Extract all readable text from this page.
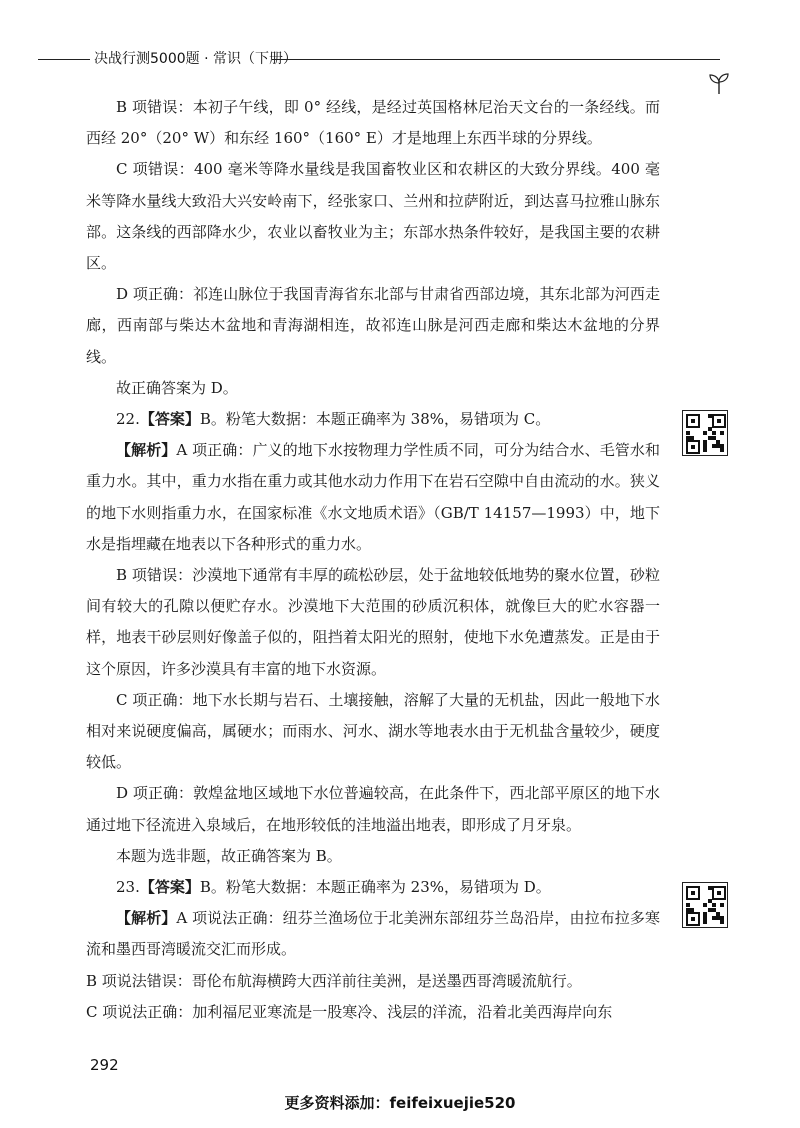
决战行测5000题 · 常识（下册）

B 项错误：本初子午线，即 0° 经线，是经过英国格林尼治天文台的一条经线。而西经 20°（20° W）和东经 160°（160° E）才是地理上东西半球的分界线。

C 项错误：400 毫米等降水量线是我国畜牧业区和农耕区的大致分界线。400 毫米等降水量线大致沿大兴安岭南下，经张家口、兰州和拉萨附近，到达喜马拉雅山脉东部。这条线的西部降水少，农业以畜牧业为主；东部水热条件较好，是我国主要的农耕区。

D 项正确：祁连山脉位于我国青海省东北部与甘肃省西部边境，其东北部为河西走廊，西南部与柴达木盆地和青海湖相连，故祁连山脉是河西走廊和柴达木盆地的分界线。

故正确答案为 D。

22.【答案】B。粉笔大数据：本题正确率为 38%，易错项为 C。

【解析】A 项正确：广义的地下水按物理力学性质不同，可分为结合水、毛管水和重力水。其中，重力水指在重力或其他水动力作用下在岩石空隙中自由流动的水。狭义的地下水则指重力水，在国家标准《水文地质术语》（GB/T 14157—1993）中，地下水是指埋藏在地表以下各种形式的重力水。

B 项错误：沙漠地下通常有丰厚的疏松砂层，处于盆地较低地势的聚水位置，砂粒间有较大的孔隙以便贮存水。沙漠地下大范围的砂质沉积体，就像巨大的贮水容器一样，地表干砂层则好像盖子似的，阻挡着太阳光的照射，使地下水免遭蒸发。正是由于这个原因，许多沙漠具有丰富的地下水资源。

C 项正确：地下水长期与岩石、土壤接触，溶解了大量的无机盐，因此一般地下水相对来说硬度偏高，属硬水；而雨水、河水、湖水等地表水由于无机盐含量较少，硬度较低。

D 项正确：敦煌盆地区域地下水位普遍较高，在此条件下，西北部平原区的地下水通过地下径流进入泉域后，在地形较低的洼地溢出地表，即形成了月牙泉。

本题为选非题，故正确答案为 B。

23.【答案】B。粉笔大数据：本题正确率为 23%，易错项为 D。

【解析】A 项说法正确：纽芬兰渔场位于北美洲东部纽芬兰岛沿岸，由拉布拉多寒流和墨西哥湾暖流交汇而形成。

B 项说法错误：哥伦布航海横跨大西洋前往美洲，是送墨西哥湾暖流航行。

C 项说法正确：加利福尼亚寒流是一股寒冷、浅层的洋流，沿着北美西海岸向东

292
更多资料添加：feifeixuejie520
